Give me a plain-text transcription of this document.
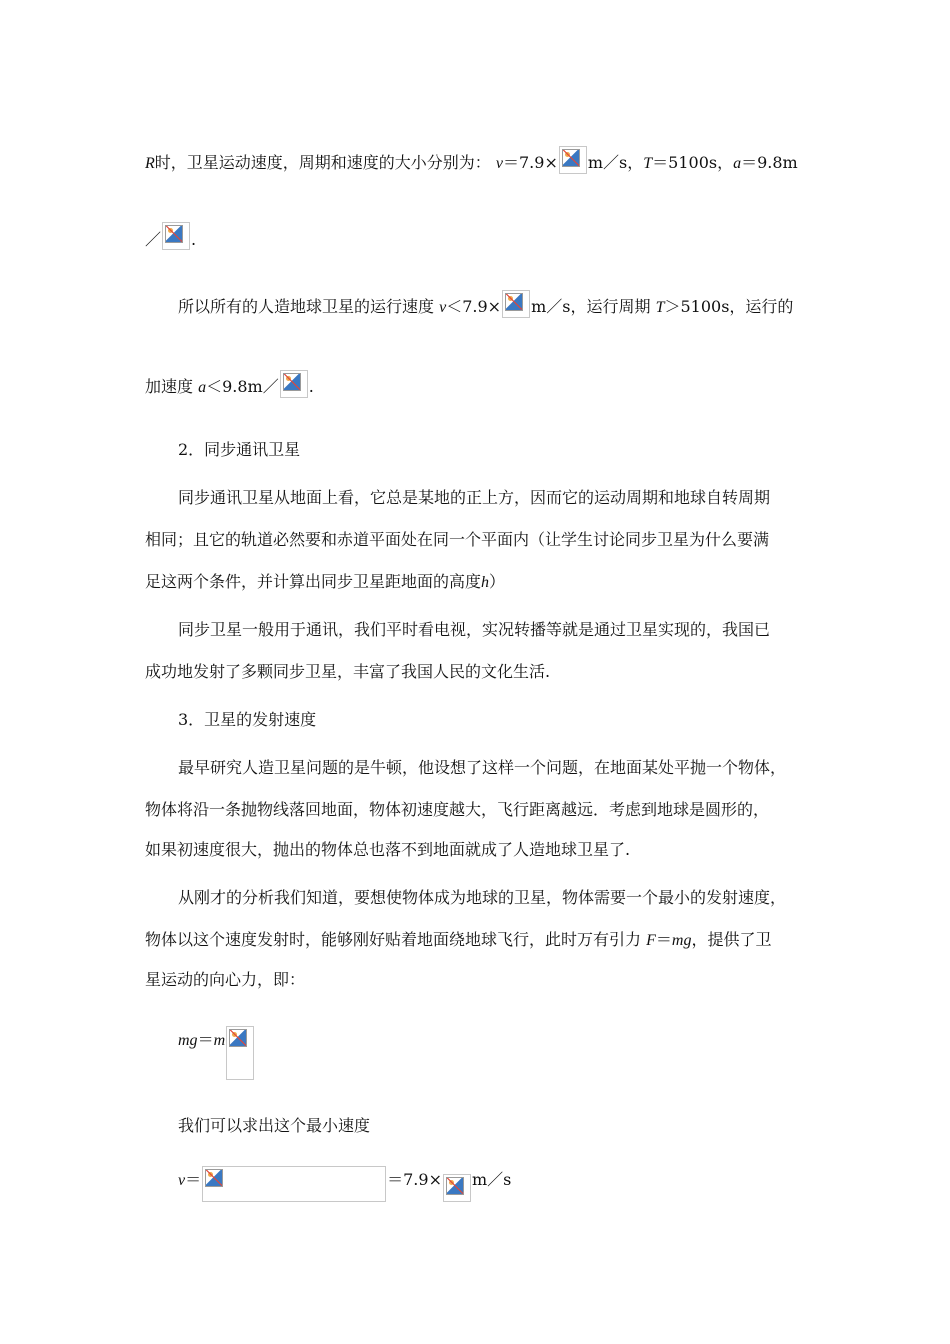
R时，卫星运动速度，周期和速度的大小分别为： v＝7.9× m／s，T＝5100s，a＝9.8m
／ .
所以所有的人造地球卫星的运行速度 v＜7.9× m／s，运行周期 T＞5100s，运行的
加速度 a＜9.8m／ .
2．同步通讯卫星
同步通讯卫星从地面上看，它总是某地的正上方，因而它的运动周期和地球自转周期
相同；且它的轨道必然要和赤道平面处在同一个平面内（让学生讨论同步卫星为什么要满
足这两个条件，并计算出同步卫星距地面的高度h）
同步卫星一般用于通讯，我们平时看电视，实况转播等就是通过卫星实现的，我国已
成功地发射了多颗同步卫星，丰富了我国人民的文化生活.
3．卫星的发射速度
最早研究人造卫星问题的是牛顿，他设想了这样一个问题，在地面某处平抛一个物体，
物体将沿一条抛物线落回地面，物体初速度越大，飞行距离越远．考虑到地球是圆形的，
如果初速度很大，抛出的物体总也落不到地面就成了人造地球卫星了.
从刚才的分析我们知道，要想使物体成为地球的卫星，物体需要一个最小的发射速度，
物体以这个速度发射时，能够刚好贴着地面绕地球飞行，此时万有引力 F＝mg，提供了卫
星运动的向心力，即：
mg＝m
我们可以求出这个最小速度
v＝	＝7.9× m／s
